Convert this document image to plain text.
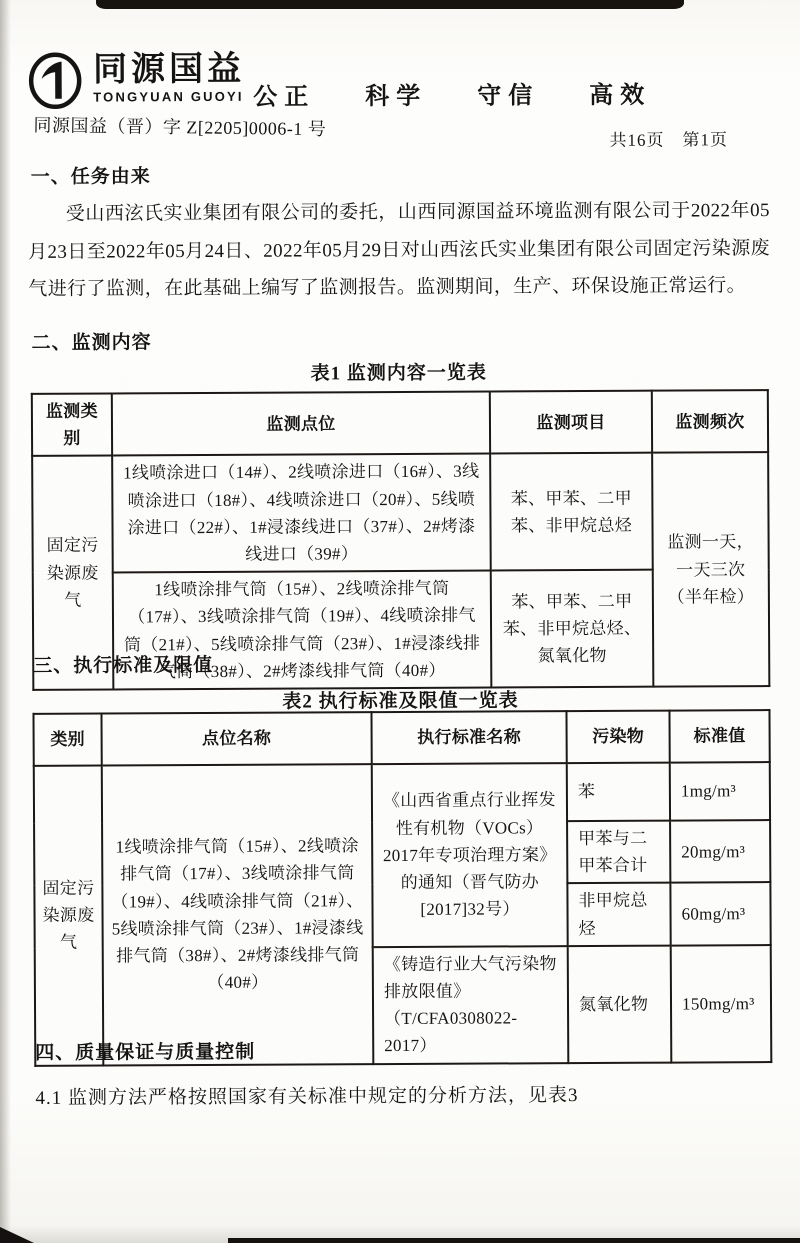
同源国益
TONGYUAN GUOYI 公正 科学 守信 高效
同源国益（晋）字 Z[2205]0006-1 号
共16页 第1页
一、任务由来
受山西泫氏实业集团有限公司的委托，山西同源国益环境监测有限公司于2022年05月23日至2022年05月24日、2022年05月29日对山西泫氏实业集团有限公司固定污染源废气进行了监测，在此基础上编写了监测报告。监测期间，生产、环保设施正常运行。
二、监测内容
表1 监测内容一览表
监测类别	监测点位	监测项目	监测频次
固定污染源废气	1线喷涂进口（14#）、2线喷涂进口（16#）、3线喷涂进口（18#）、4线喷涂进口（20#）、5线喷涂进口（22#）、1#浸漆线进口（37#）、2#烤漆线进口（39#）	苯、甲苯、二甲苯、非甲烷总烃	监测一天，一天三次（半年检）
	1线喷涂排气筒（15#）、2线喷涂排气筒（17#）、3线喷涂排气筒（19#）、4线喷涂排气筒（21#）、5线喷涂排气筒（23#）、1#浸漆线排气筒（38#）、2#烤漆线排气筒（40#）	苯、甲苯、二甲苯、非甲烷总烃、氮氧化物	
三、执行标准及限值
表2 执行标准及限值一览表
类别	点位名称	执行标准名称	污染物	标准值
固定污染源废气	1线喷涂排气筒（15#）、2线喷涂排气筒（17#）、3线喷涂排气筒（19#）、4线喷涂排气筒（21#）、5线喷涂排气筒（23#）、1#浸漆线排气筒（38#）、2#烤漆线排气筒（40#）	《山西省重点行业挥发性有机物（VOCs）2017年专项治理方案》的通知（晋气防办[2017]32号）	苯	1mg/m³
			甲苯与二甲苯合计	20mg/m³
			非甲烷总烃	60mg/m³
		《铸造行业大气污染物排放限值》（T/CFA0308022-2017）	氮氧化物	150mg/m³
四、质量保证与质量控制
4.1 监测方法严格按照国家有关标准中规定的分析方法，见表3
